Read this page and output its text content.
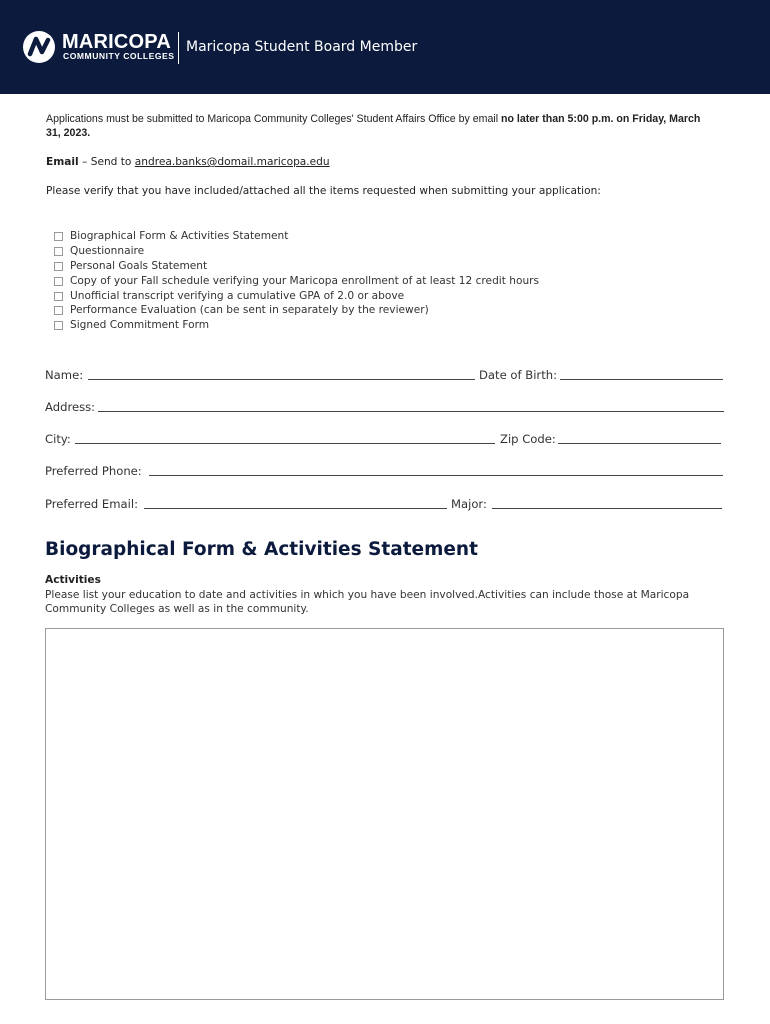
MARICOPA
COMMUNITY COLLEGES
Maricopa Student Board Member
Applications must be submitted to Maricopa Community Colleges' Student Affairs Office by email no later than 5:00 p.m. on Friday, March 31, 2023.
Email – Send to andrea.banks@domail.maricopa.edu
Please verify that you have included/attached all the items requested when submitting your application:
Biographical Form & Activities Statement
Questionnaire
Personal Goals Statement
Copy of your Fall schedule verifying your Maricopa enrollment of at least 12 credit hours
Unofficial transcript verifying a cumulative GPA of 2.0 or above
Performance Evaluation (can be sent in separately by the reviewer)
Signed Commitment Form
Name:	Date of Birth:
Address:
City:	Zip Code:
Preferred Phone:
Preferred Email:	Major:
Biographical Form & Activities Statement
Activities
Please list your education to date and activities in which you have been involved.Activities can include those at Maricopa Community Colleges as well as in the community.
